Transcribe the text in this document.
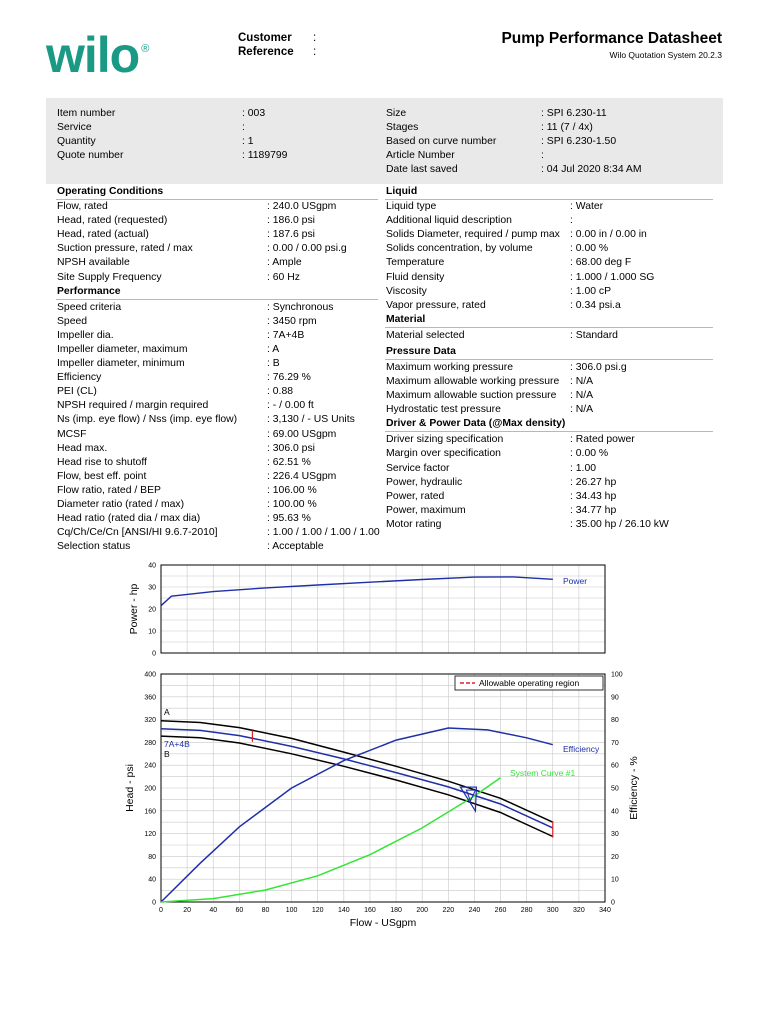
wilo ®
Customer :
Reference :
Pump Performance Datasheet
Wilo Quotation System 20.2.3
Item number	: 003
Service	:
Quantity	: 1
Quote number	: 1189799
Size	: SPI 6.230-11
Stages	: 11 (7 / 4x)
Based on curve number	: SPI 6.230-1.50
Article Number	:
Date last saved	: 04 Jul 2020 8:34 AM
Operating Conditions
Flow, rated	: 240.0 USgpm
Head, rated (requested)	: 186.0 psi
Head, rated (actual)	: 187.6 psi
Suction pressure, rated / max	: 0.00 / 0.00 psi.g
NPSH available	: Ample
Site Supply Frequency	: 60 Hz
Performance
Speed criteria	: Synchronous
Speed	: 3450 rpm
Impeller dia.	: 7A+4B
Impeller diameter, maximum	: A
Impeller diameter, minimum	: B
Efficiency	: 76.29 %
PEI (CL)	: 0.88
NPSH required / margin required	: - / 0.00 ft
Ns (imp. eye flow) / Nss (imp. eye flow)	: 3,130 / - US Units
MCSF	: 69.00 USgpm
Head max.	: 306.0 psi
Head rise to shutoff	: 62.51 %
Flow, best eff. point	: 226.4 USgpm
Flow ratio, rated / BEP	: 106.00 %
Diameter ratio (rated / max)	: 100.00 %
Head ratio (rated dia / max dia)	: 95.63 %
Cq/Ch/Ce/Cn [ANSI/HI 9.6.7-2010]	: 1.00 / 1.00 / 1.00 / 1.00
Selection status	: Acceptable
Liquid
Liquid type	: Water
Additional liquid description	:
Solids Diameter, required / pump max : 0.00 in / 0.00 in
Solids concentration, by volume	: 0.00 %
Temperature	: 68.00 deg F
Fluid density	: 1.000 / 1.000 SG
Viscosity	: 1.00 cP
Vapor pressure, rated	: 0.34 psi.a
Material
Material selected	: Standard
Pressure Data
Maximum working pressure	: 306.0 psi.g
Maximum allowable working pressure : N/A
Maximum allowable suction pressure : N/A
Hydrostatic test pressure	: N/A
Driver & Power Data (@Max density)
Driver sizing specification	: Rated power
Margin over specification	: 0.00 %
Service factor	: 1.00
Power, hydraulic	: 26.27 hp
Power, rated	: 34.43 hp
Power, maximum	: 34.77 hp
Motor rating	: 35.00 hp / 26.10 kW
0
10
20
30
40
Power - hp
Power
0
40
80
120
160
200
240
280
320
360
400
0
10
20
30
40
50
60
70
80
90
100
0	20	40	60	80 100 120 140 160 180 200 220 240 260 280 300 320 340
Flow - USgpm
Head - psi	Efficiency - %
Allowable operating region
A
7A+4B
B	Efficiency
System Curve #1
